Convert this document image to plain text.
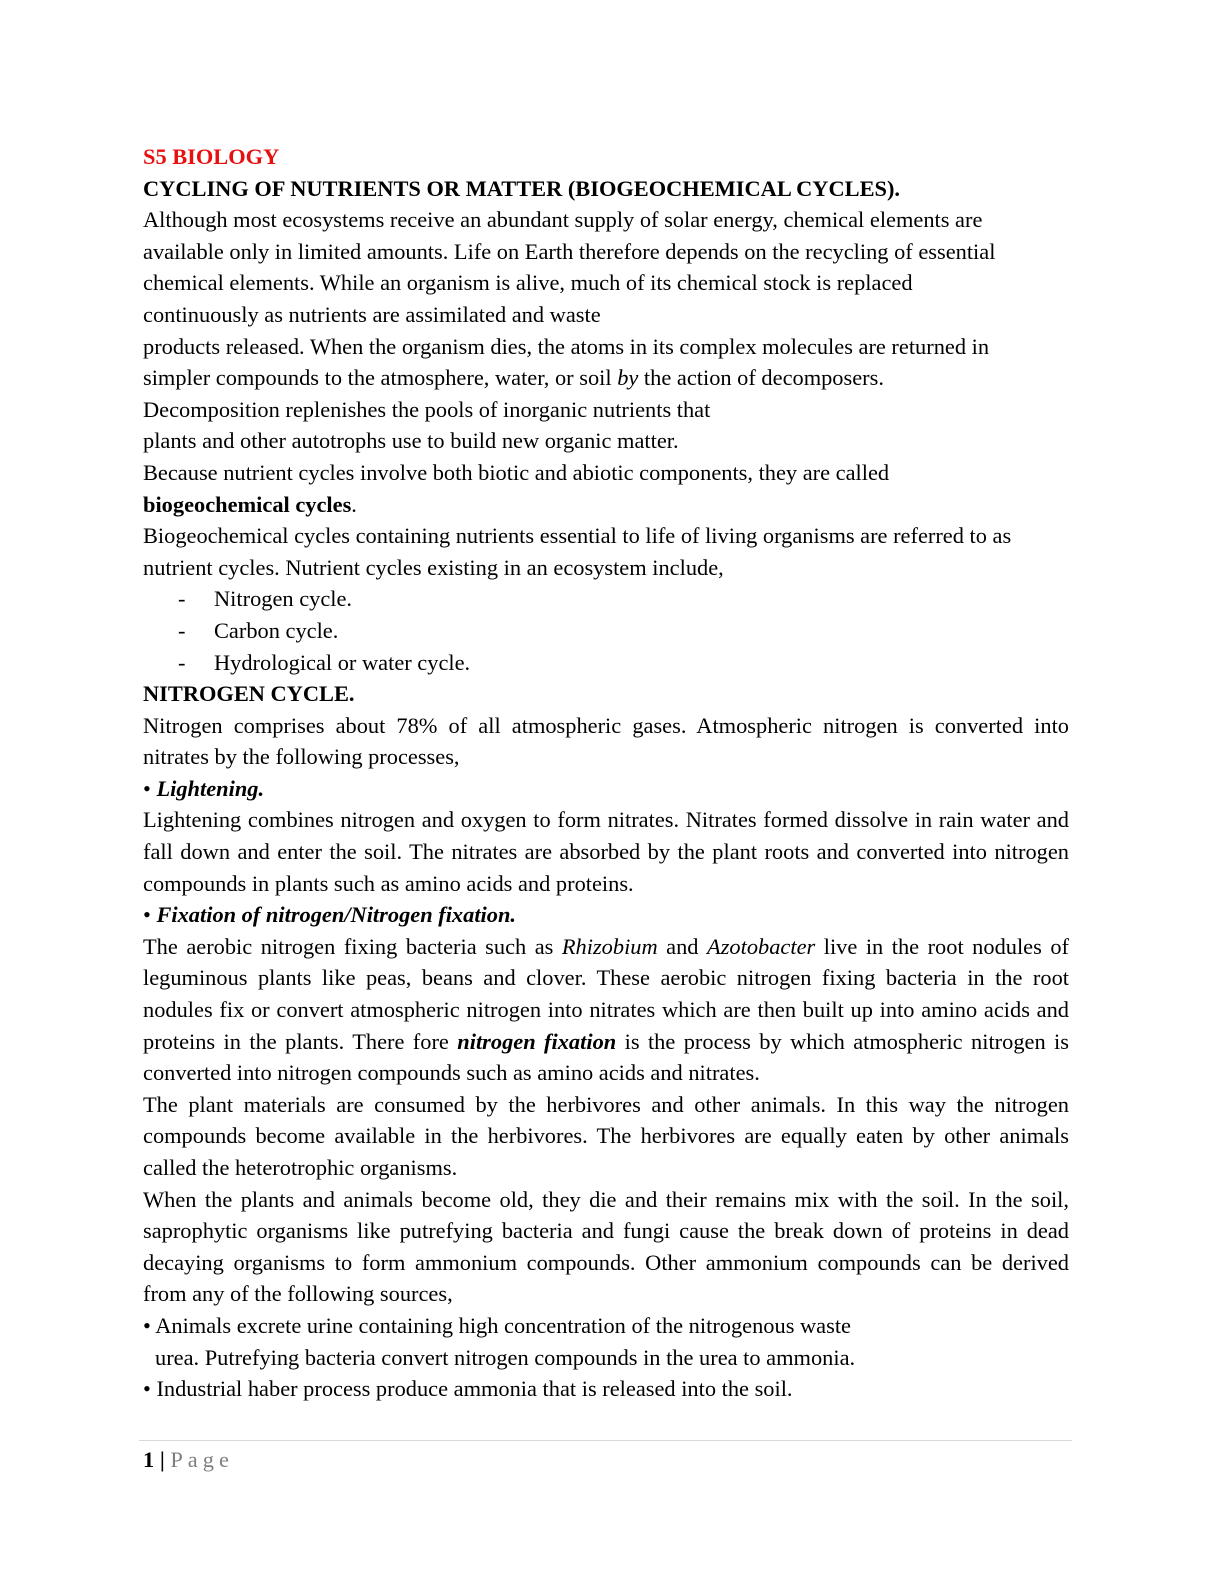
S5 BIOLOGY

CYCLING OF NUTRIENTS OR MATTER (BIOGEOCHEMICAL CYCLES).

Although most ecosystems receive an abundant supply of solar energy, chemical elements are
available only in limited amounts. Life on Earth therefore depends on the recycling of essential
chemical elements. While an organism is alive, much of its chemical stock is replaced
continuously as nutrients are assimilated and waste

products released. When the organism dies, the atoms in its complex molecules are returned in
simpler compounds to the atmosphere, water, or soil by the action of decomposers.

Decomposition replenishes the pools of inorganic nutrients that
plants and other autotrophs use to build new organic matter.

Because nutrient cycles involve both biotic and abiotic components, they are called
biogeochemical cycles.

Biogeochemical cycles containing nutrients essential to life of living organisms are referred to as
nutrient cycles. Nutrient cycles existing in an ecosystem include,

- Nitrogen cycle.
- Carbon cycle.
- Hydrological or water cycle.

NITROGEN CYCLE.

Nitrogen comprises about 78% of all atmospheric gases. Atmospheric nitrogen is converted into nitrates by the following processes,

• Lightening.

Lightening combines nitrogen and oxygen to form nitrates. Nitrates formed dissolve in rain water and fall down and enter the soil. The nitrates are absorbed by the plant roots and converted into nitrogen compounds in plants such as amino acids and proteins.

• Fixation of nitrogen/Nitrogen fixation.

The aerobic nitrogen fixing bacteria such as Rhizobium and Azotobacter live in the root nodules of leguminous plants like peas, beans and clover. These aerobic nitrogen fixing bacteria in the root nodules fix or convert atmospheric nitrogen into nitrates which are then built up into amino acids and proteins in the plants. There fore nitrogen fixation is the process by which atmospheric nitrogen is converted into nitrogen compounds such as amino acids and nitrates.

The plant materials are consumed by the herbivores and other animals. In this way the nitrogen compounds become available in the herbivores. The herbivores are equally eaten by other animals called the heterotrophic organisms.

When the plants and animals become old, they die and their remains mix with the soil. In the soil, saprophytic organisms like putrefying bacteria and fungi cause the break down of proteins in dead decaying organisms to form ammonium compounds. Other ammonium compounds can be derived from any of the following sources,

• Animals excrete urine containing high concentration of the nitrogenous waste
urea. Putrefying bacteria convert nitrogen compounds in the urea to ammonia.

• Industrial haber process produce ammonia that is released into the soil.

1 | Page
